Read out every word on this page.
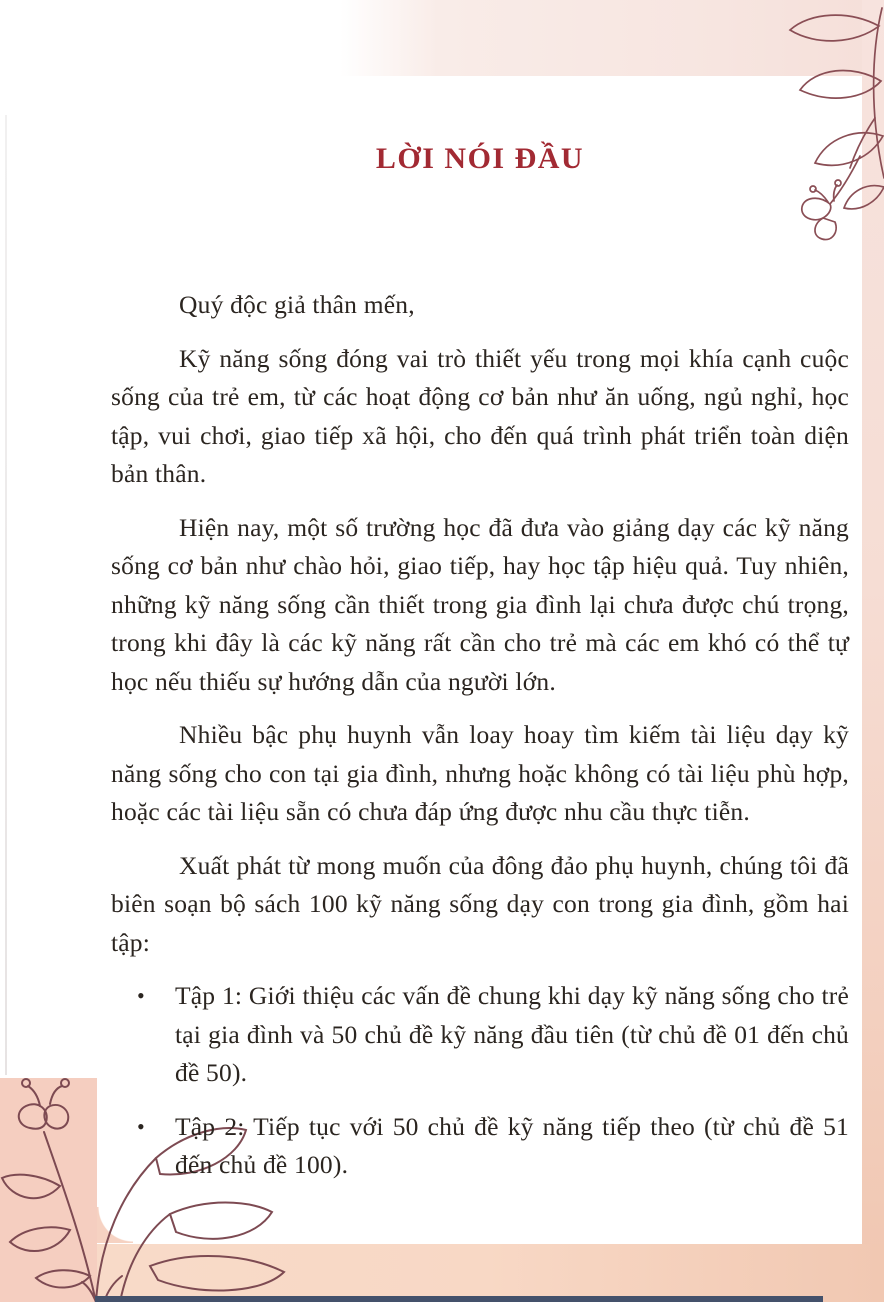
LỜI NÓI ĐẦU

Quý độc giả thân mến,

Kỹ năng sống đóng vai trò thiết yếu trong mọi khía cạnh cuộc sống của trẻ em, từ các hoạt động cơ bản như ăn uống, ngủ nghỉ, học tập, vui chơi, giao tiếp xã hội, cho đến quá trình phát triển toàn diện bản thân.

Hiện nay, một số trường học đã đưa vào giảng dạy các kỹ năng sống cơ bản như chào hỏi, giao tiếp, hay học tập hiệu quả. Tuy nhiên, những kỹ năng sống cần thiết trong gia đình lại chưa được chú trọng, trong khi đây là các kỹ năng rất cần cho trẻ mà các em khó có thể tự học nếu thiếu sự hướng dẫn của người lớn.

Nhiều bậc phụ huynh vẫn loay hoay tìm kiếm tài liệu dạy kỹ năng sống cho con tại gia đình, nhưng hoặc không có tài liệu phù hợp, hoặc các tài liệu sẵn có chưa đáp ứng được nhu cầu thực tiễn.

Xuất phát từ mong muốn của đông đảo phụ huynh, chúng tôi đã biên soạn bộ sách 100 kỹ năng sống dạy con trong gia đình, gồm hai tập:

• Tập 1: Giới thiệu các vấn đề chung khi dạy kỹ năng sống cho trẻ tại gia đình và 50 chủ đề kỹ năng đầu tiên (từ chủ đề 01 đến chủ đề 50).
• Tập 2: Tiếp tục với 50 chủ đề kỹ năng tiếp theo (từ chủ đề 51 đến chủ đề 100).
